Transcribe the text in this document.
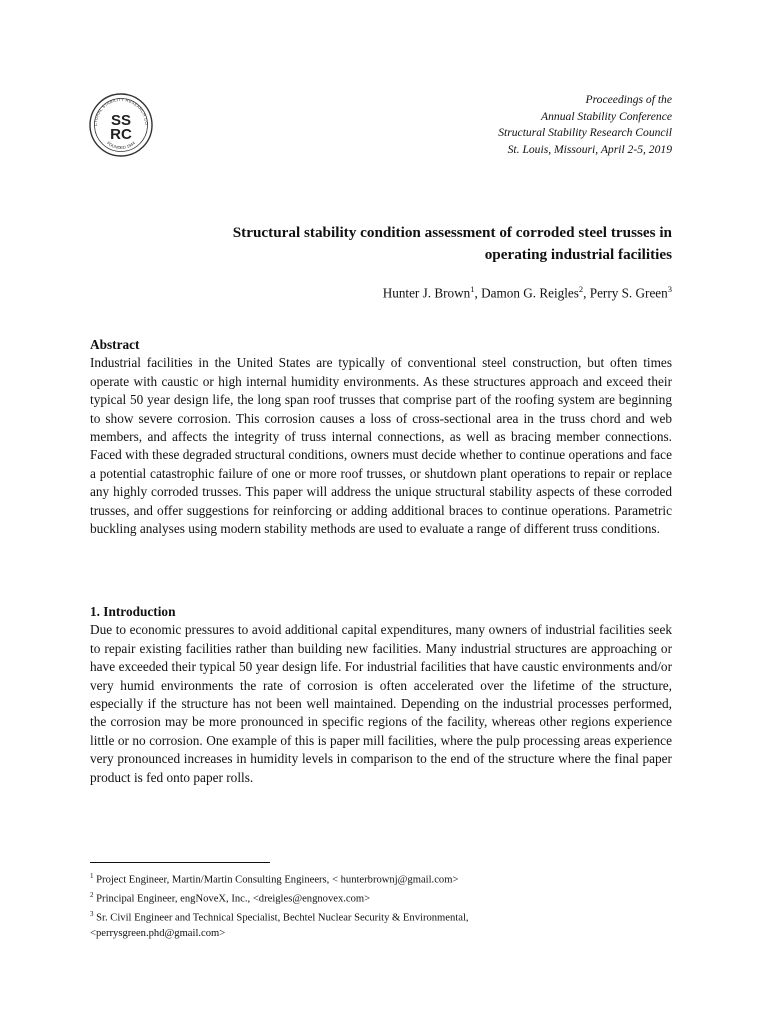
CTURAL STABILITY RESEARCH CO
FOUNDED 1944
SS
RC
Proceedings of the
Annual Stability Conference
Structural Stability Research Council
St. Louis, Missouri, April 2-5, 2019
Structural stability condition assessment of corroded steel trusses in
operating industrial facilities
Hunter J. Brown$^1$, Damon G. Reigles$^2$, Perry S. Green$^3$
Abstract

Industrial facilities in the United States are typically of conventional steel construction, but often times operate with caustic or high internal humidity environments. As these structures approach and exceed their typical 50 year design life, the long span roof trusses that comprise part of the roofing system are beginning to show severe corrosion. This corrosion causes a loss of cross-sectional area in the truss chord and web members, and affects the integrity of truss internal connections, as well as bracing member connections. Faced with these degraded structural conditions, owners must decide whether to continue operations and face a potential catastrophic failure of one or more roof trusses, or shutdown plant operations to repair or replace any highly corroded trusses. This paper will address the unique structural stability aspects of these corroded trusses, and offer suggestions for reinforcing or adding additional braces to continue operations. Parametric buckling analyses using modern stability methods are used to evaluate a range of different truss conditions.

1. Introduction

Due to economic pressures to avoid additional capital expenditures, many owners of industrial facilities seek to repair existing facilities rather than building new facilities. Many industrial structures are approaching or have exceeded their typical 50 year design life. For industrial facilities that have caustic environments and/or very humid environments the rate of corrosion is often accelerated over the lifetime of the structure, especially if the structure has not been well maintained. Depending on the industrial processes performed, the corrosion may be more pronounced in specific regions of the facility, whereas other regions experience little or no corrosion. One example of this is paper mill facilities, where the pulp processing areas experience very pronounced increases in humidity levels in comparison to the end of the structure where the final paper product is fed onto paper rolls.

$^1$ Project Engineer, Martin/Martin Consulting Engineers, < hunterbrownj@gmail.com>
$^2$ Principal Engineer, engNoveX, Inc., <dreigles@engnovex.com>
$^3$ Sr. Civil Engineer and Technical Specialist, Bechtel Nuclear Security & Environmental,
<perrysgreen.phd@gmail.com>
